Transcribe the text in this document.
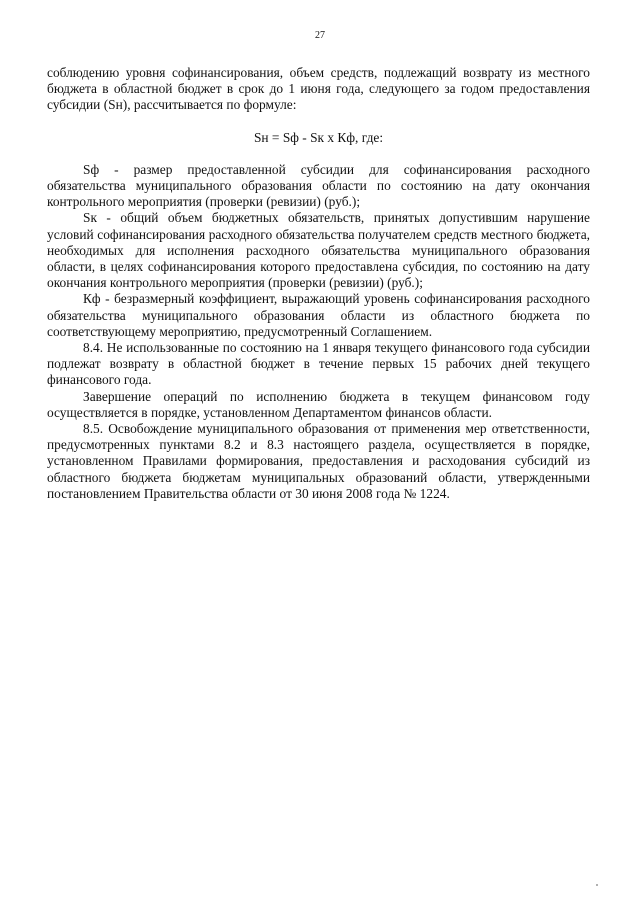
27

соблюдению уровня софинансирования, объем средств, подлежащий возврату из местного бюджета в областной бюджет в срок до 1 июня года, следующего за годом предоставления субсидии (Sн), рассчитывается по формуле:

Sн = Sф - Sк х Кф, где:

Sф - размер предоставленной субсидии для софинансирования расходного обязательства муниципального образования области по состоянию на дату окончания контрольного мероприятия (проверки (ревизии) (руб.);

Sк - общий объем бюджетных обязательств, принятых допустившим нарушение условий софинансирования расходного обязательства получателем средств местного бюджета, необходимых для исполнения расходного обязательства муниципального образования области, в целях софинансирования которого предоставлена субсидия, по состоянию на дату окончания контрольного мероприятия (проверки (ревизии) (руб.);

Кф - безразмерный коэффициент, выражающий уровень софинансирования расходного обязательства муниципального образования области из областного бюджета по соответствующему мероприятию, предусмотренный Соглашением.

8.4. Не использованные по состоянию на 1 января текущего финансового года субсидии подлежат возврату в областной бюджет в течение первых 15 рабочих дней текущего финансового года.

Завершение операций по исполнению бюджета в текущем финансовом году осуществляется в порядке, установленном Департаментом финансов области.

8.5. Освобождение муниципального образования от применения мер ответственности, предусмотренных пунктами 8.2 и 8.3 настоящего раздела, осуществляется в порядке, установленном Правилами формирования, предоставления и расходования субсидий из областного бюджета бюджетам муниципальных образований области, утвержденными постановлением Правительства области от 30 июня 2008 года № 1224.
